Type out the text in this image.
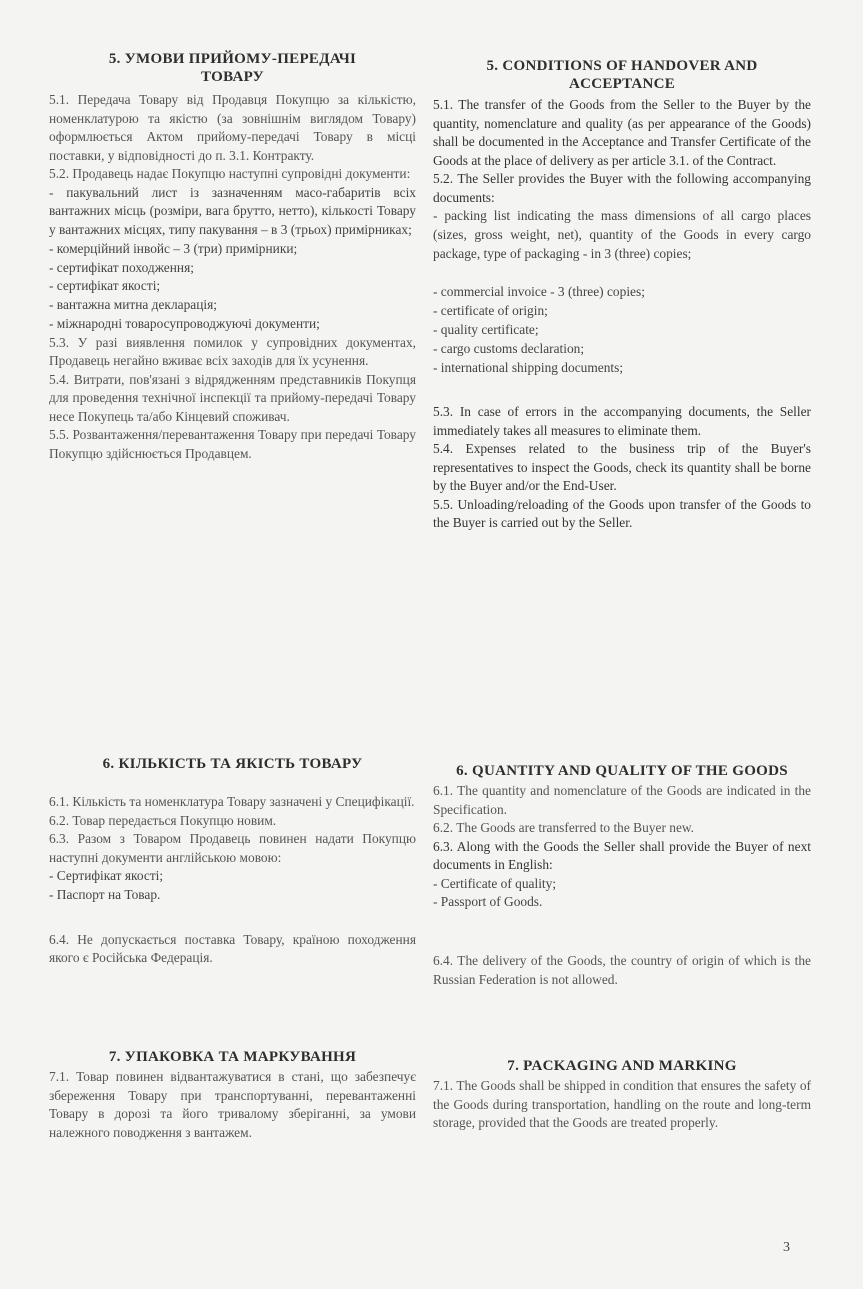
5. УМОВИ ПРИЙОМУ-ПЕРЕДАЧІ ТОВАРУ

5.1. Передача Товару від Продавця Покупцю за кількістю, номенклатурою та якістю (за зовнішнім виглядом Товару) оформлюється Актом прийому-передачі Товару в місці поставки, у відповідності до п. 3.1. Контракту.

5.2. Продавець надає Покупцю наступні супровідні документи:

- пакувальний лист із зазначенням масо-габаритів всіх вантажних місць (розміри, вага брутто, нетто), кількості Товару у вантажних місцях, типу пакування – в 3 (трьох) примірниках;

- комерційний інвойс – 3 (три) примірники;

- сертифікат походження;

- сертифікат якості;

- вантажна митна декларація;

- міжнародні товаросупроводжуючі документи;

5.3. У разі виявлення помилок у супровідних документах, Продавець негайно вживає всіх заходів для їх усунення.

5.4. Витрати, пов'язані з відрядженням представників Покупця для проведення технічної інспекції та прийому-передачі Товару несе Покупець та/або Кінцевий споживач.

5.5. Розвантаження/перевантаження Товару при передачі Товару Покупцю здійснюється Продавцем.

6. КІЛЬКІСТЬ ТА ЯКІСТЬ ТОВАРУ

6.1. Кількість та номенклатура Товару зазначені у Специфікації.

6.2. Товар передається Покупцю новим.

6.3. Разом з Товаром Продавець повинен надати Покупцю наступні документи англійською мовою:

- Сертифікат якості;

- Паспорт на Товар.

6.4. Не допускається поставка Товару, країною походження якого є Російська Федерація.

7. УПАКОВКА ТА МАРКУВАННЯ

7.1. Товар повинен відвантажуватися в стані, що забезпечує збереження Товару при транспортуванні, перевантаженні Товару в дорозі та його тривалому зберіганні, за умови належного поводження з вантажем.

5. CONDITIONS OF HANDOVER AND ACCEPTANCE

5.1. The transfer of the Goods from the Seller to the Buyer by the quantity, nomenclature and quality (as per appearance of the Goods) shall be documented in the Acceptance and Transfer Certificate of the Goods at the place of delivery as per article 3.1. of the Contract.

5.2. The Seller provides the Buyer with the following accompanying documents:

- packing list indicating the mass dimensions of all cargo places (sizes, gross weight, net), quantity of the Goods in every cargo package, type of packaging - in 3 (three) copies;

- commercial invoice - 3 (three) copies;

- certificate of origin;

- quality certificate;

- cargo customs declaration;

- international shipping documents;

5.3. In case of errors in the accompanying documents, the Seller immediately takes all measures to eliminate them.

5.4. Expenses related to the business trip of the Buyer's representatives to inspect the Goods, check its quantity shall be borne by the Buyer and/or the End-User.

5.5. Unloading/reloading of the Goods upon transfer of the Goods to the Buyer is carried out by the Seller.

6. QUANTITY AND QUALITY OF THE GOODS

6.1. The quantity and nomenclature of the Goods are indicated in the Specification.

6.2. The Goods are transferred to the Buyer new.

6.3. Along with the Goods the Seller shall provide the Buyer of next documents in English:

- Certificate of quality;

- Passport of Goods.

6.4. The delivery of the Goods, the country of origin of which is the Russian Federation is not allowed.

7. PACKAGING AND MARKING

7.1. The Goods shall be shipped in condition that ensures the safety of the Goods during transportation, handling on the route and long-term storage, provided that the Goods are treated properly.

3
